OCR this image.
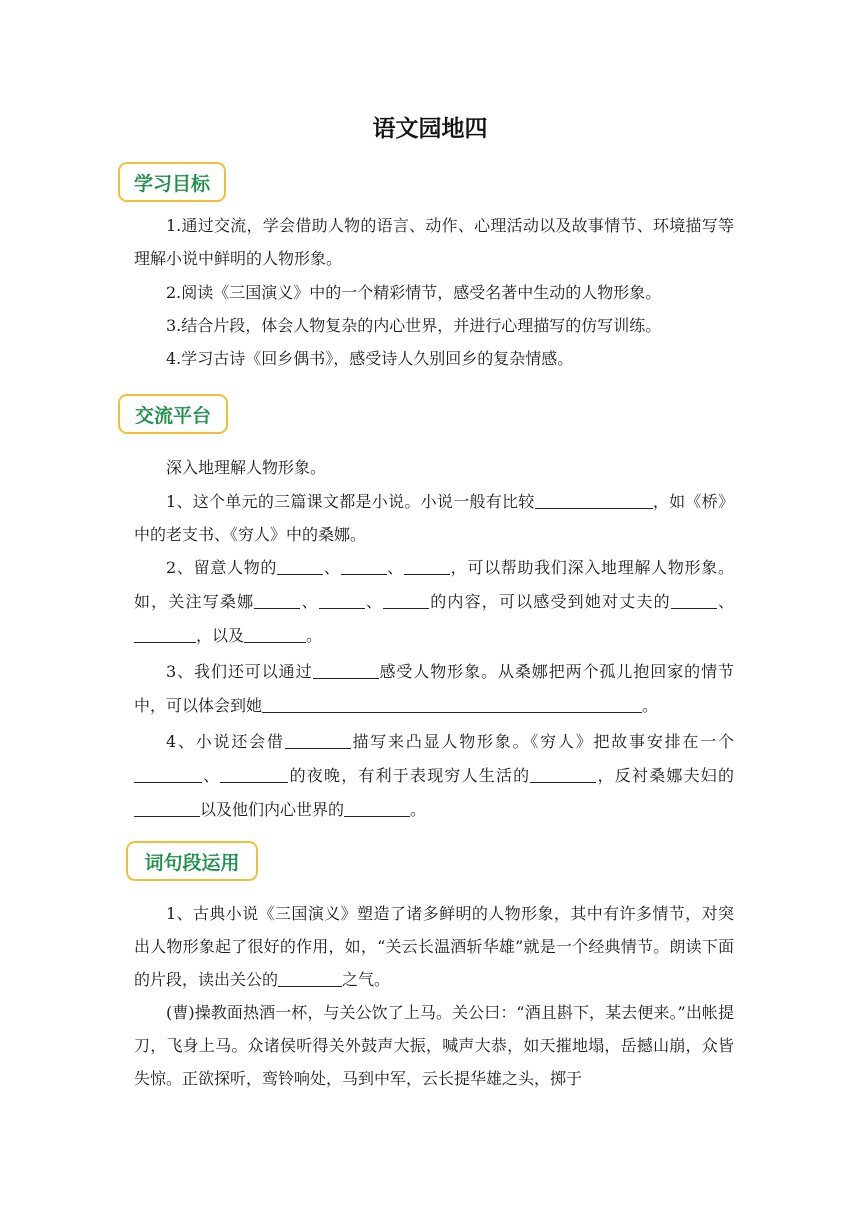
语文园地四
学习目标

1.通过交流，学会借助人物的语言、动作、心理活动以及故事情节、环境描写等理解小说中鲜明的人物形象。

2.阅读《三国演义》中的一个精彩情节，感受名著中生动的人物形象。

3.结合片段，体会人物复杂的内心世界，并进行心理描写的仿写训练。

4.学习古诗《回乡偶书》，感受诗人久别回乡的复杂情感。

交流平台

深入地理解人物形象。

1、这个单元的三篇课文都是小说。小说一般有比较	，如《桥》中的老支书、《穷人》中的桑娜。

2、留意人物的	、	、	，可以帮助我们深入地理解人物形象。如，关注写桑娜	、	、	的内容，可以感受到她对丈夫的	、，以及	。

3、我们还可以通过	感受人物形象。从桑娜把两个孤儿抱回家的情节中，可以体会到她	。

4、小说还会借	描写来凸显人物形象。《穷人》把故事安排在一个、	的夜晚，有利于表现穷人生活的	，反衬桑娜夫妇的以及他们内心世界的	。

词句段运用

1、古典小说《三国演义》塑造了诸多鲜明的人物形象，其中有许多情节，对突出人物形象起了很好的作用，如，“关云长温酒斩华雄”就是一个经典情节。朗读下面的片段，读出关公的	之气。

(曹)操教面热酒一杯，与关公饮了上马。关公曰：“酒且斟下，某去便来。”出帐提刀，飞身上马。众诸侯听得关外鼓声大振，喊声大恭，如天摧地塌，岳撼山崩，众皆失惊。正欲探听，鸾铃响处，马到中军，云长提华雄之头，掷于
